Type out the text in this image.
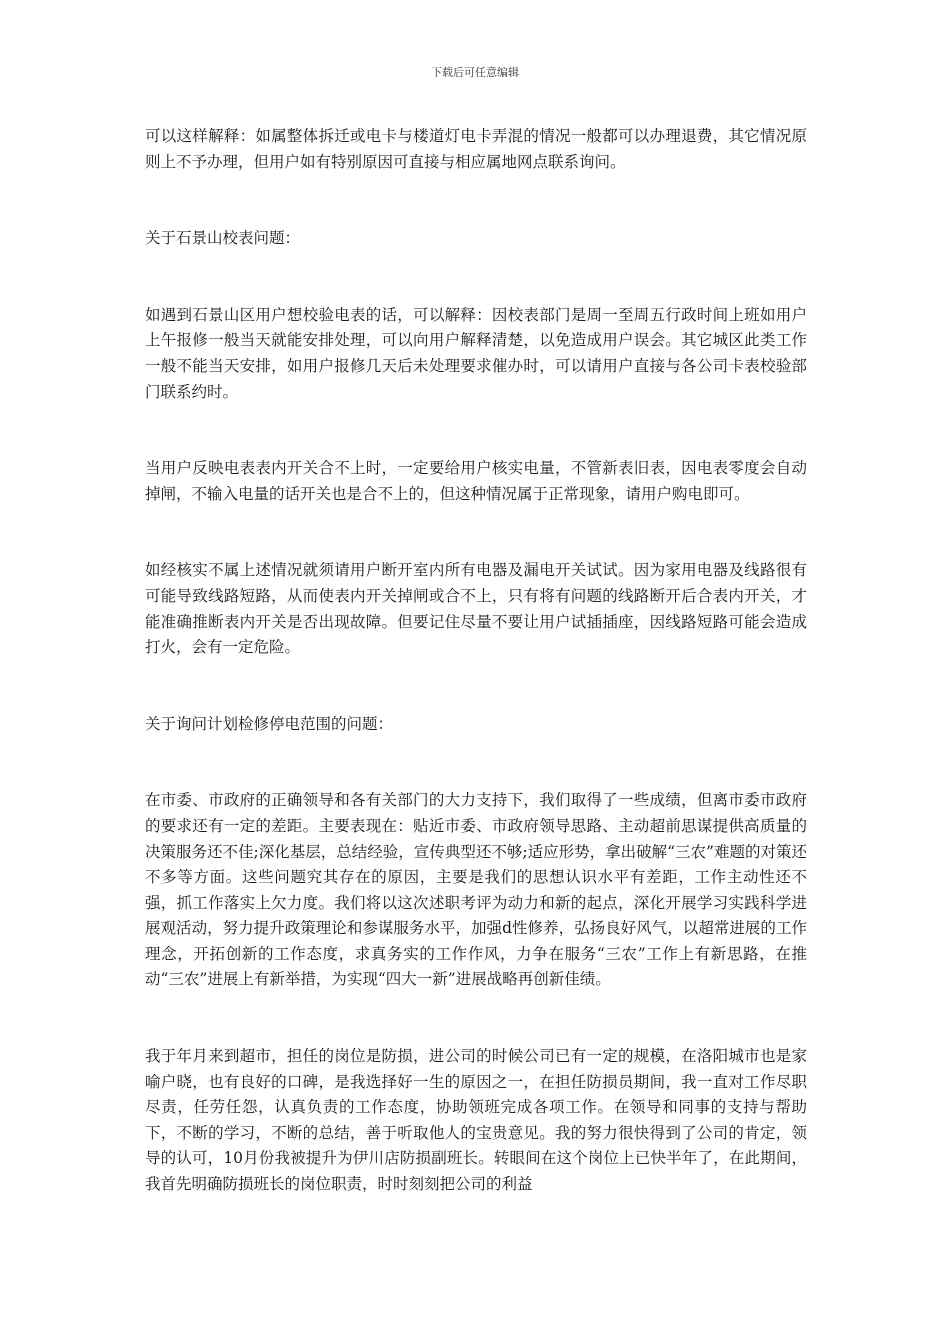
下载后可任意编辑

可以这样解释：如属整体拆迁或电卡与楼道灯电卡弄混的情况一般都可以办理退费，其它情况原则上不予办理，但用户如有特别原因可直接与相应属地网点联系询问。

关于石景山校表问题：

如遇到石景山区用户想校验电表的话，可以解释：因校表部门是周一至周五行政时间上班如用户上午报修一般当天就能安排处理，可以向用户解释清楚，以免造成用户误会。其它城区此类工作一般不能当天安排，如用户报修几天后未处理要求催办时，可以请用户直接与各公司卡表校验部门联系约时。

当用户反映电表表内开关合不上时，一定要给用户核实电量，不管新表旧表，因电表零度会自动掉闸，不输入电量的话开关也是合不上的，但这种情况属于正常现象，请用户购电即可。

如经核实不属上述情况就须请用户断开室内所有电器及漏电开关试试。因为家用电器及线路很有可能导致线路短路，从而使表内开关掉闸或合不上，只有将有问题的线路断开后合表内开关，才能准确推断表内开关是否出现故障。但要记住尽量不要让用户试插插座，因线路短路可能会造成打火，会有一定危险。

关于询问计划检修停电范围的问题：

在市委、市政府的正确领导和各有关部门的大力支持下，我们取得了一些成绩，但离市委市政府的要求还有一定的差距。主要表现在：贴近市委、市政府领导思路、主动超前思谋提供高质量的决策服务还不佳;深化基层，总结经验，宣传典型还不够;适应形势，拿出破解“三农”难题的对策还不多等方面。这些问题究其存在的原因，主要是我们的思想认识水平有差距，工作主动性还不强，抓工作落实上欠力度。我们将以这次述职考评为动力和新的起点，深化开展学习实践科学进展观活动，努力提升政策理论和参谋服务水平，加强d性修养，弘扬良好风气，以超常进展的工作理念，开拓创新的工作态度，求真务实的工作作风，力争在服务“三农”工作上有新思路，在推动“三农”进展上有新举措，为实现“四大一新”进展战略再创新佳绩。

我于年月来到超市，担任的岗位是防损，进公司的时候公司已有一定的规模，在洛阳城市也是家喻户晓，也有良好的口碑，是我选择好一生的原因之一，在担任防损员期间，我一直对工作尽职尽责，任劳任怨，认真负责的工作态度，协助领班完成各项工作。在领导和同事的支持与帮助下，不断的学习，不断的总结，善于听取他人的宝贵意见。我的努力很快得到了公司的肯定，领导的认可，10月份我被提升为伊川店防损副班长。转眼间在这个岗位上已快半年了，在此期间，我首先明确防损班长的岗位职责，时时刻刻把公司的利益
